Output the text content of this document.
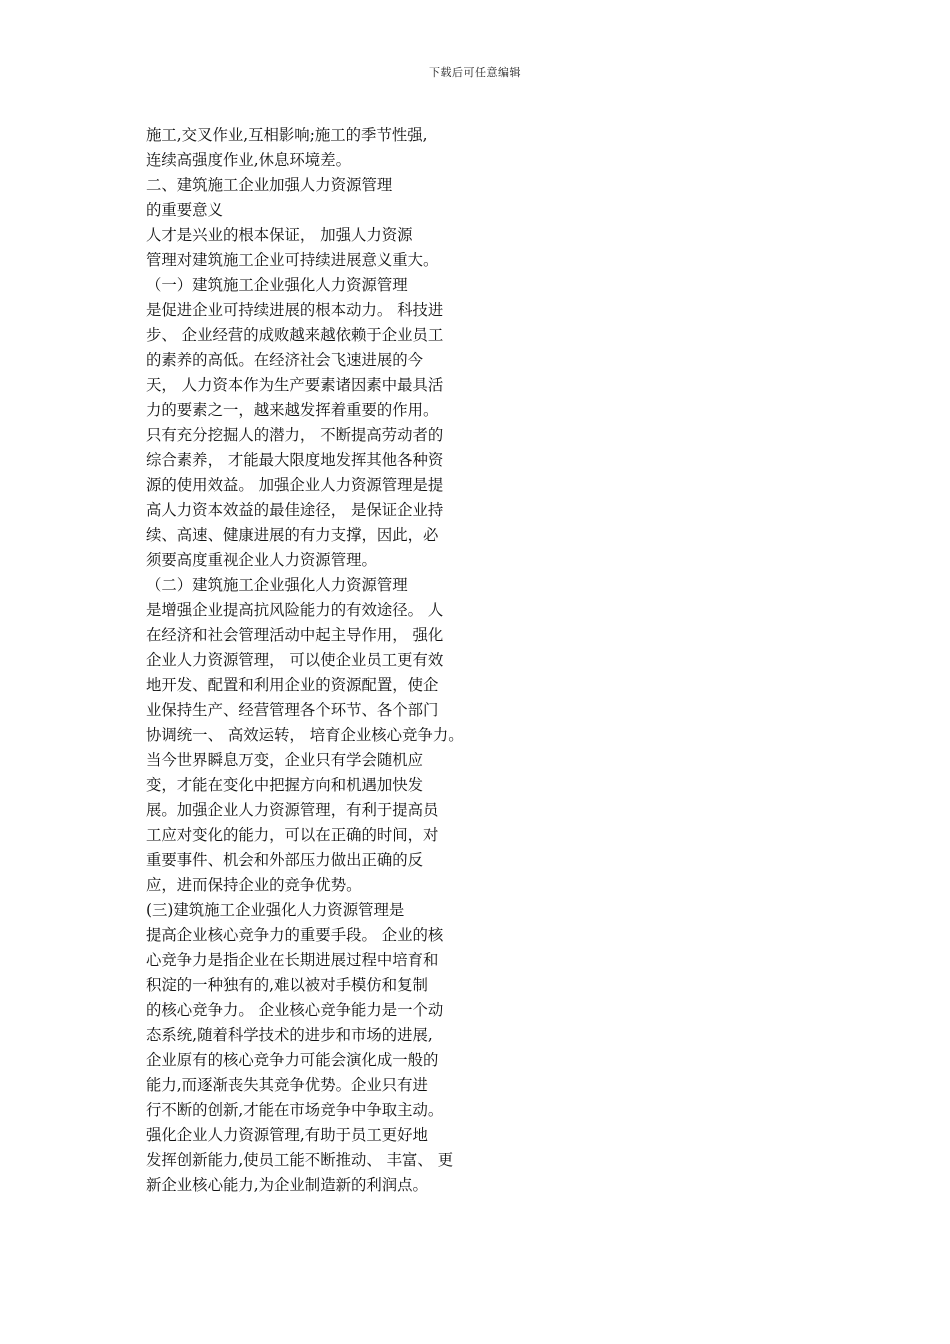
下载后可任意编辑
施工,交叉作业,互相影响;施工的季节性强,
连续高强度作业,休息环境差。
二、建筑施工企业加强人力资源管理
的重要意义
人才是兴业的根本保证， 加强人力资源
管理对建筑施工企业可持续进展意义重大。
（一）建筑施工企业强化人力资源管理
是促进企业可持续进展的根本动力。 科技进
步、 企业经营的成败越来越依赖于企业员工
的素养的高低。在经济社会飞速进展的今
天， 人力资本作为生产要素诸因素中最具活
力的要素之一，越来越发挥着重要的作用。
只有充分挖掘人的潜力， 不断提高劳动者的
综合素养， 才能最大限度地发挥其他各种资
源的使用效益。 加强企业人力资源管理是提
高人力资本效益的最佳途径， 是保证企业持
续、高速、健康进展的有力支撑，因此，必
须要高度重视企业人力资源管理。
（二）建筑施工企业强化人力资源管理
是增强企业提高抗风险能力的有效途径。 人
在经济和社会管理活动中起主导作用， 强化
企业人力资源管理， 可以使企业员工更有效
地开发、配置和利用企业的资源配置，使企
业保持生产、经营管理各个环节、各个部门
协调统一、 高效运转， 培育企业核心竞争力。
当今世界瞬息万变，企业只有学会随机应
变，才能在变化中把握方向和机遇加快发
展。加强企业人力资源管理，有利于提高员
工应对变化的能力，可以在正确的时间，对
重要事件、机会和外部压力做出正确的反
应，进而保持企业的竞争优势。
(三)建筑施工企业强化人力资源管理是
提高企业核心竞争力的重要手段。 企业的核
心竞争力是指企业在长期进展过程中培育和
积淀的一种独有的,难以被对手模仿和复制
的核心竞争力。 企业核心竞争能力是一个动
态系统,随着科学技术的进步和市场的进展,
企业原有的核心竞争力可能会演化成一般的
能力,而逐渐丧失其竞争优势。企业只有进
行不断的创新,才能在市场竞争中争取主动。
强化企业人力资源管理,有助于员工更好地
发挥创新能力,使员工能不断推动、 丰富、 更
新企业核心能力,为企业制造新的利润点。
